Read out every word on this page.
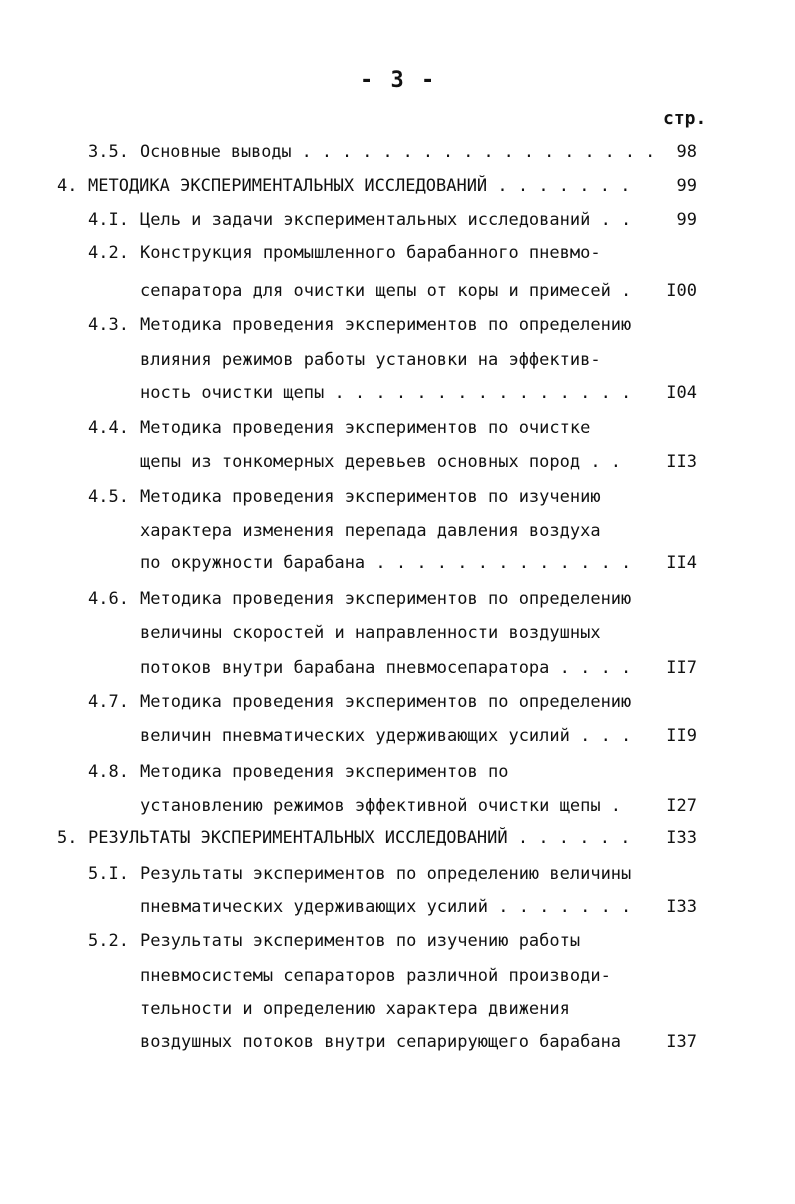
- 3 -
стр.
3.5. Основные выводы . . . . . . . . . . . . . . . . . .	98
4. МЕТОДИКА ЭКСПЕРИМЕНТАЛЬНЫХ ИССЛЕДОВАНИЙ . . . . . . .	99
4.I. Цель и задачи экспериментальных исследований . .	99
4.2. Конструкция промышленного барабанного пневмо-
сепаратора для очистки щепы от коры и примесей . I00
4.3. Методика проведения экспериментов по определению
влияния режимов работы установки на эффектив-
ность очистки щепы . . . . . . . . . . . . . . . I04
4.4. Методика проведения экспериментов по очистке
щепы из тонкомерных деревьев основных пород . .	II3
4.5. Методика проведения экспериментов по изучению
характера изменения перепада давления воздуха
по окружности барабана . . . . . . . . . . . . . II4
4.6. Методика проведения экспериментов по определению
величины скоростей и направленности воздушных
потоков внутри барабана пневмосепаратора . . . . II7
4.7. Методика проведения экспериментов по определению
величин пневматических удерживающих усилий . . . II9
4.8. Методика проведения экспериментов по
установлению режимов эффективной очистки щепы .	I27
5. РЕЗУЛЬТАТЫ ЭКСПЕРИМЕНТАЛЬНЫХ ИССЛЕДОВАНИЙ . . . . . . I33
5.I. Результаты экспериментов по определению величины
пневматических удерживающих усилий . . . . . . . I33
5.2. Результаты экспериментов по изучению работы
пневмосистемы сепараторов различной производи-
тельности и определению характера движения
воздушных потоков внутри сепарирующего барабана	I37
